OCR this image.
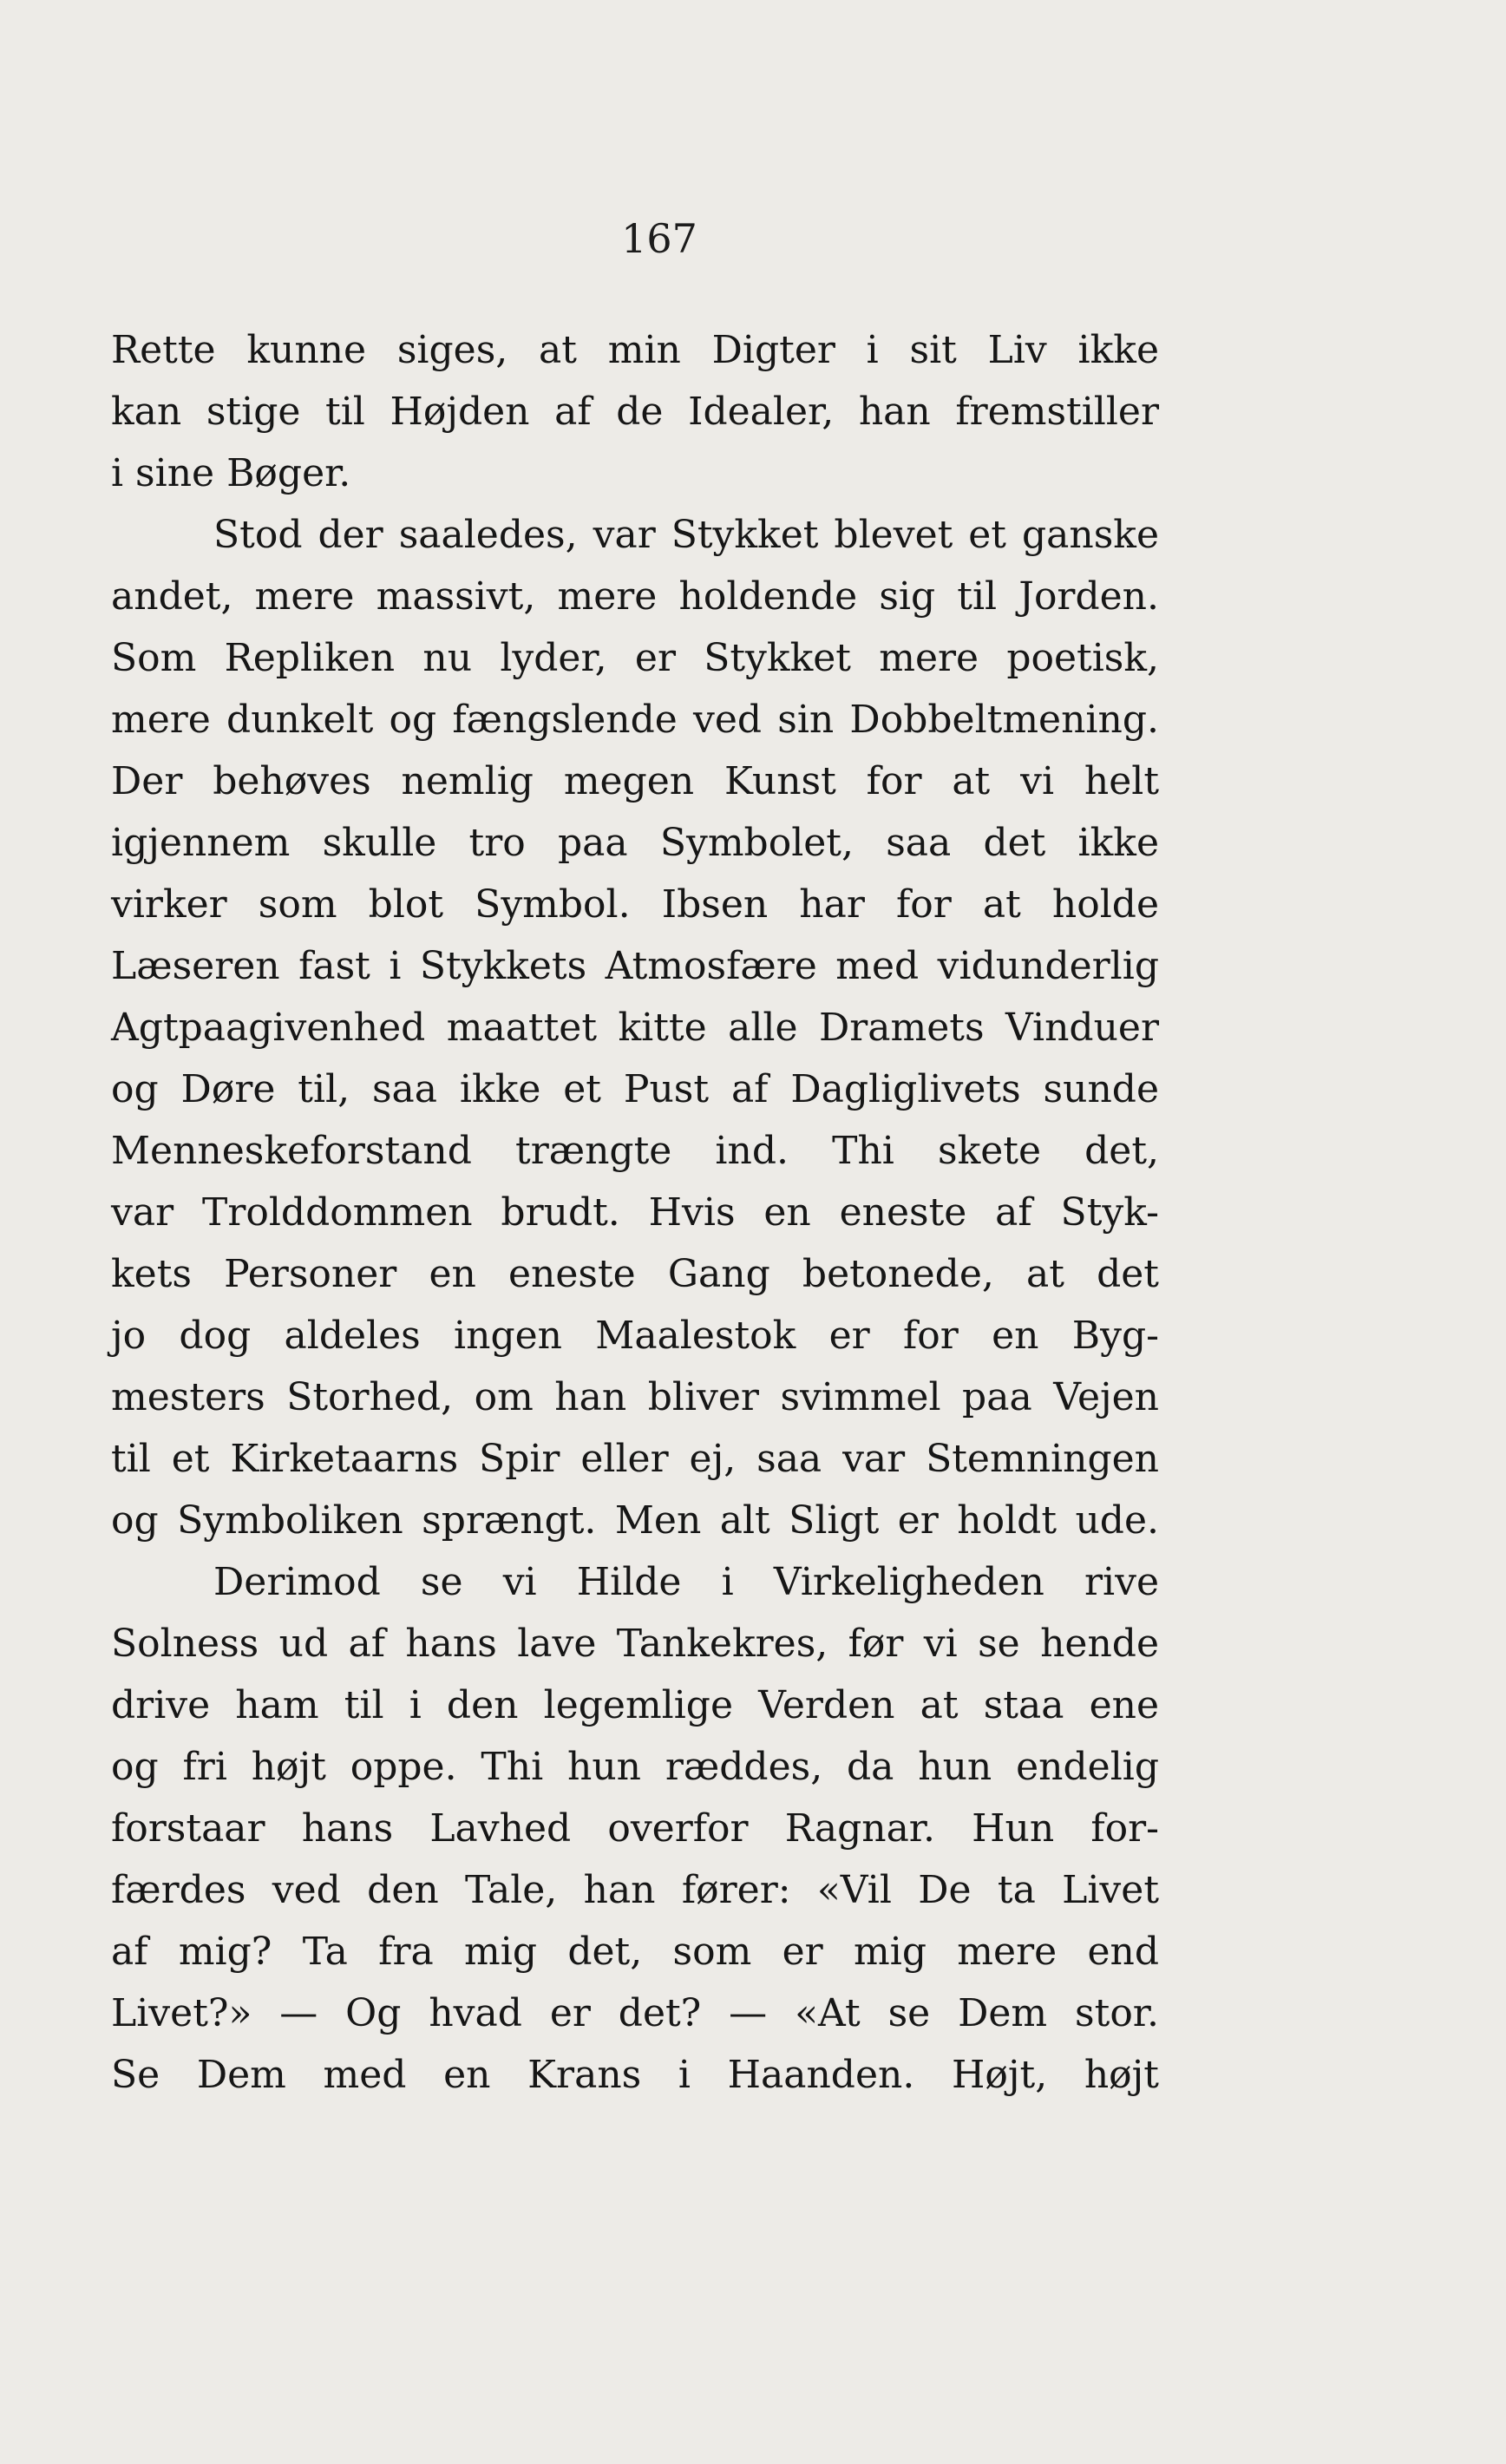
167
Rette kunne siges, at min Digter i sit Liv ikke
kan stige til Højden af de Idealer, han fremstiller
i sine Bøger.
Stod der saaledes, var Stykket blevet et ganske
andet, mere massivt, mere holdende sig til Jorden.
Som Repliken nu lyder, er Stykket mere poetisk,
mere dunkelt og fængslende ved sin Dobbeltmening.
Der behøves nemlig megen Kunst for at vi helt
igjennem skulle tro paa Symbolet, saa det ikke
virker som blot Symbol. Ibsen har for at holde
Læseren fast i Stykkets Atmosfære med vidunderlig
Agtpaagivenhed maattet kitte alle Dramets Vinduer
og Døre til, saa ikke et Pust af Dagliglivets sunde
Menneskeforstand trængte ind. Thi skete det,
var Trolddommen brudt. Hvis en eneste af Styk-
kets Personer en eneste Gang betonede, at det
jo dog aldeles ingen Maalestok er for en Byg-
mesters Storhed, om han bliver svimmel paa Vejen
til et Kirketaarns Spir eller ej, saa var Stemningen
og Symboliken sprængt. Men alt Sligt er holdt ude.
Derimod se vi Hilde i Virkeligheden rive
Solness ud af hans lave Tankekres, før vi se hende
drive ham til i den legemlige Verden at staa ene
og fri højt oppe. Thi hun ræddes, da hun endelig
forstaar hans Lavhed overfor Ragnar. Hun for-
færdes ved den Tale, han fører: «Vil De ta Livet
af mig? Ta fra mig det, som er mig mere end
Livet?» — Og hvad er det? — «At se Dem stor.
Se Dem med en Krans i Haanden. Højt, højt
